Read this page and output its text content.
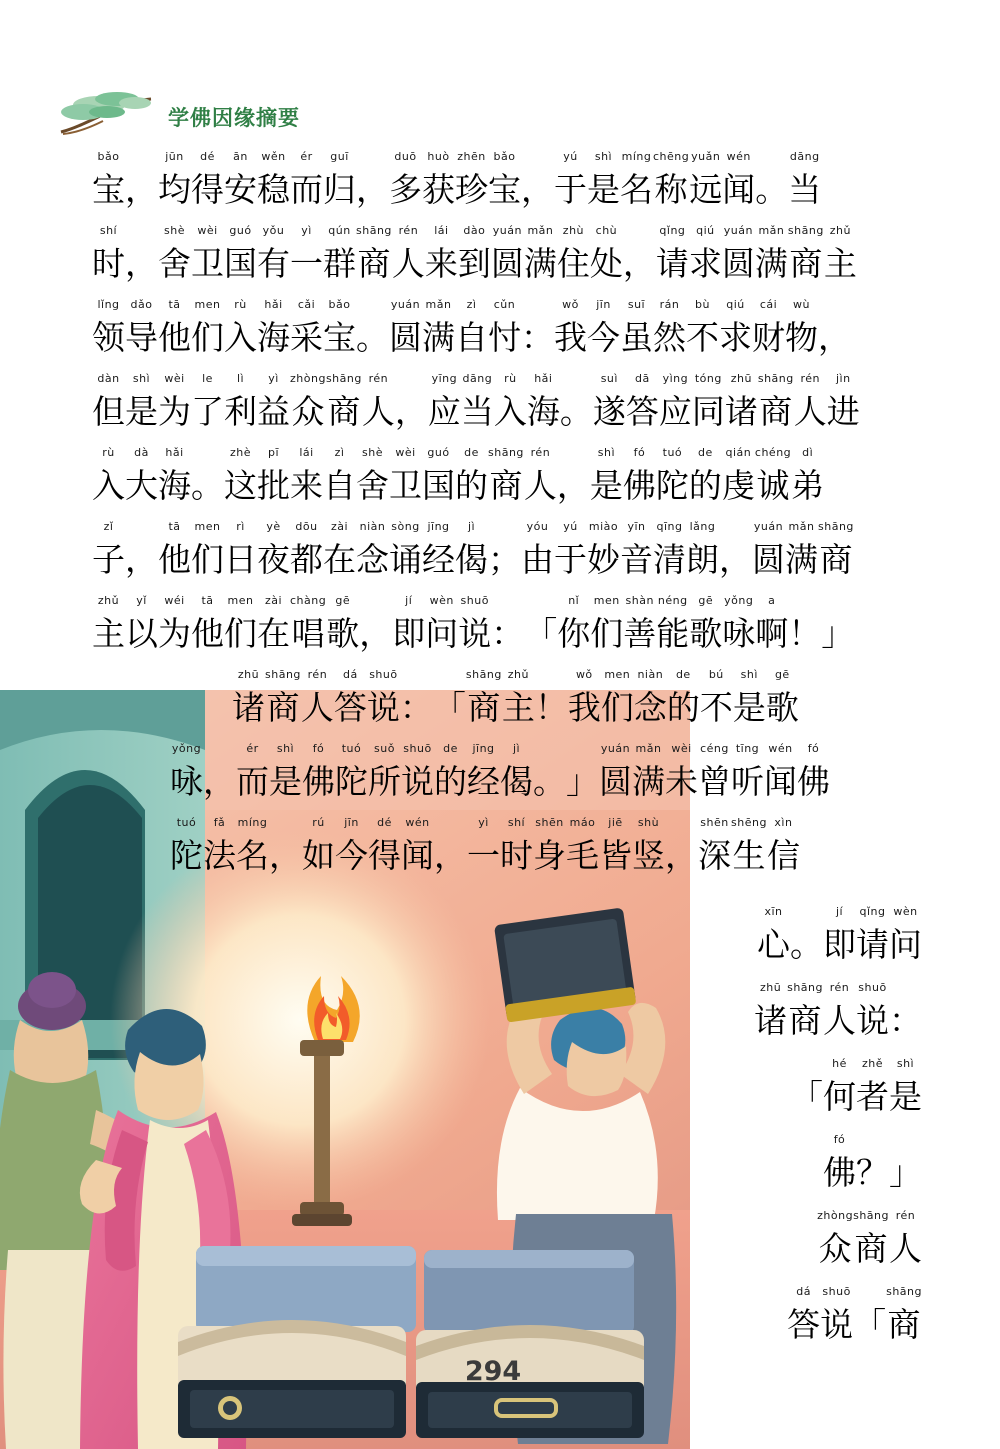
学佛因缘摘要
bǎo
宝 ，
jūn
均
dé
得
ān
安
wěn
稳
ér
而
guī
归 ，
duō
多
huò
获
zhēn
珍
bǎo
宝 ，
yú
于
shì
是
míng
名
chēng
称
yuǎn
远
wén
闻 。
dāng
当
shí
时 ，
shè
舍
wèi
卫
guó
国
yǒu
有
yì
一
qún
群
shāng
商
rén
人
lái
来
dào
到
yuán
圆
mǎn
满
zhù
住
chù
处 ，
qǐng
请
qiú
求
yuán
圆
mǎn
满
shāng
商
zhǔ
主
lǐng
领
dǎo
导
tā
他
men
们
rù
入
hǎi
海
cǎi
采
bǎo
宝 。
yuán
圆
mǎn
满
zì
自
cǔn
忖 ：
wǒ
我
jīn
今
suī
虽
rán
然
bù
不
qiú
求
cái
财
wù
物 ，
dàn
但
shì
是
wèi
为
le
了
lì
利
yì
益
zhòng
众
shāng
商
rén
人 ，
yīng
应
dāng
当
rù
入
hǎi
海 。
suì
遂
dā
答
yìng
应
tóng
同
zhū
诸
shāng
商
rén
人
jìn
进
rù
入
dà
大
hǎi
海 。
zhè
这
pī
批
lái
来
zì
自
shè
舍
wèi
卫
guó
国
de
的
shāng
商
rén
人 ，
shì
是
fó
佛
tuó
陀
de
的
qián
虔
chéng
诚
dì
弟
zǐ
子 ，
tā
他
men
们
rì
日
yè
夜
dōu
都
zài
在
niàn
念
sòng
诵
jīng
经
jì
偈 ；
yóu
由
yú
于
miào
妙
yīn
音
qīng
清
lǎng
朗 ，
yuán
圆
mǎn
满
shāng
商
zhǔ
主
yǐ
以
wéi
为
tā
他
men
们
zài
在
chàng
唱
gē
歌 ，
jí
即
wèn
问
shuō
说 ： 「
nǐ
你
men
们
shàn
善
néng
能
gē
歌
yǒng
咏
a
啊 ！ 」
zhū
诸
shāng
商
rén
人
dá
答
shuō
说 ： 「
shāng
商
zhǔ
主 ！
wǒ
我
men
们
niàn
念
de
的
bú
不
shì
是
gē
歌
yǒng
咏 ，
ér
而
shì
是
fó
佛
tuó
陀
suǒ
所
shuō
说
de
的
jīng
经
jì
偈 。 」
yuán
圆
mǎn
满
wèi
未
céng
曾
tīng
听
wén
闻
fó
佛
tuó
陀
fǎ
法
míng
名 ，
rú
如
jīn
今
dé
得
wén
闻 ，
yì
一
shí
时
shēn
身
máo
毛
jiē
皆
shù
竖 ，
shēn
深
shēng
生
xìn
信
xīn
心 。
jí
即
qǐng
请
wèn
问
zhū
诸
shāng
商
rén
人
shuō
说 ：
「
hé
何
zhě
者
shì
是
fó
佛 ？ 」
zhòng
众
shāng
商
rén
人
dá
答
shuō
说 「
shāng
商
294
